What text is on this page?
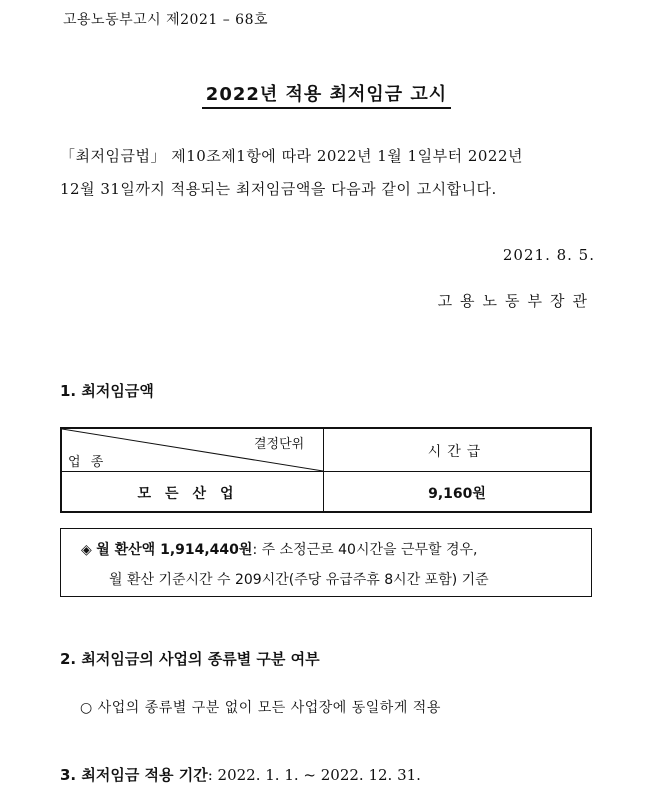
고용노동부고시 제2021 – 68호
2022년 적용 최저임금 고시
「최저임금법」 제10조제1항에 따라 2022년 1월 1일부터 2022년
12월 31일까지 적용되는 최저임금액을 다음과 같이 고시합니다.
2021. 8. 5.
고용노동부장관
1. 최저임금액
결정단위
업 종
시간급
모든산업	9,160원
◈ 월 환산액 1,914,440원: 주 소정근로 40시간을 근무할 경우,
월 환산 기준시간 수 209시간(주당 유급주휴 8시간 포함) 기준
2. 최저임금의 사업의 종류별 구분 여부
○ 사업의 종류별 구분 없이 모든 사업장에 동일하게 적용
3. 최저임금 적용 기간: 2022. 1. 1. ~ 2022. 12. 31.
